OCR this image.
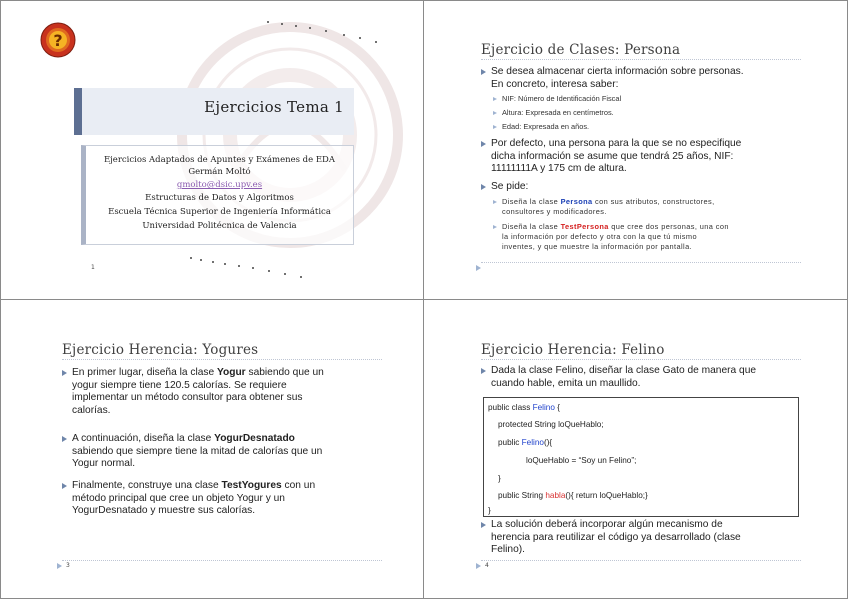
?
Ejercicios Tema 1
Ejercicios Adaptados de Apuntes y Exámenes de EDA
Germán Moltó
gmolto@dsic.upv.es
Estructuras de Datos y Algoritmos
Escuela Técnica Superior de Ingeniería Informática
Universidad Politécnica de Valencia
1
Ejercicio de Clases: Persona
Se desea almacenar cierta información sobre personas.
En concreto, interesa saber:
NIF: Número de Identificación Fiscal
Altura: Expresada en centímetros.
Edad: Expresada en años.
Por defecto, una persona para la que se no especifique
dicha información se asume que tendrá 25 años, NIF:
11111111A y 175 cm de altura.
Se pide:
Diseña la clase Persona con sus atributos, constructores,
consultores y modificadores.
Diseña la clase TestPersona que cree dos personas, una con
la información por defecto y otra con la que tú mismo
inventes, y que muestre la información por pantalla.
Ejercicio Herencia: Yogures
En primer lugar, diseña la clase Yogur sabiendo que un
yogur siempre tiene 120.5 calorías. Se requiere
implementar un método consultor para obtener sus
calorías.
A continuación, diseña la clase YogurDesnatado
sabiendo que siempre tiene la mitad de calorías que un
Yogur normal.
Finalmente, construye una clase TestYogures con un
método principal que cree un objeto Yogur y un
YogurDesnatado y muestre sus calorías.
3
Ejercicio Herencia: Felino
Dada la clase Felino, diseñar la clase Gato de manera que
cuando hable, emita un maullido.
public class Felino {
protected String loQueHablo;
public Felino(){
loQueHablo = “Soy un Felino”;
}
public String habla(){ return loQueHablo;}
}
La solución deberá incorporar algún mecanismo de
herencia para reutilizar el código ya desarrollado (clase
Felino).
4
